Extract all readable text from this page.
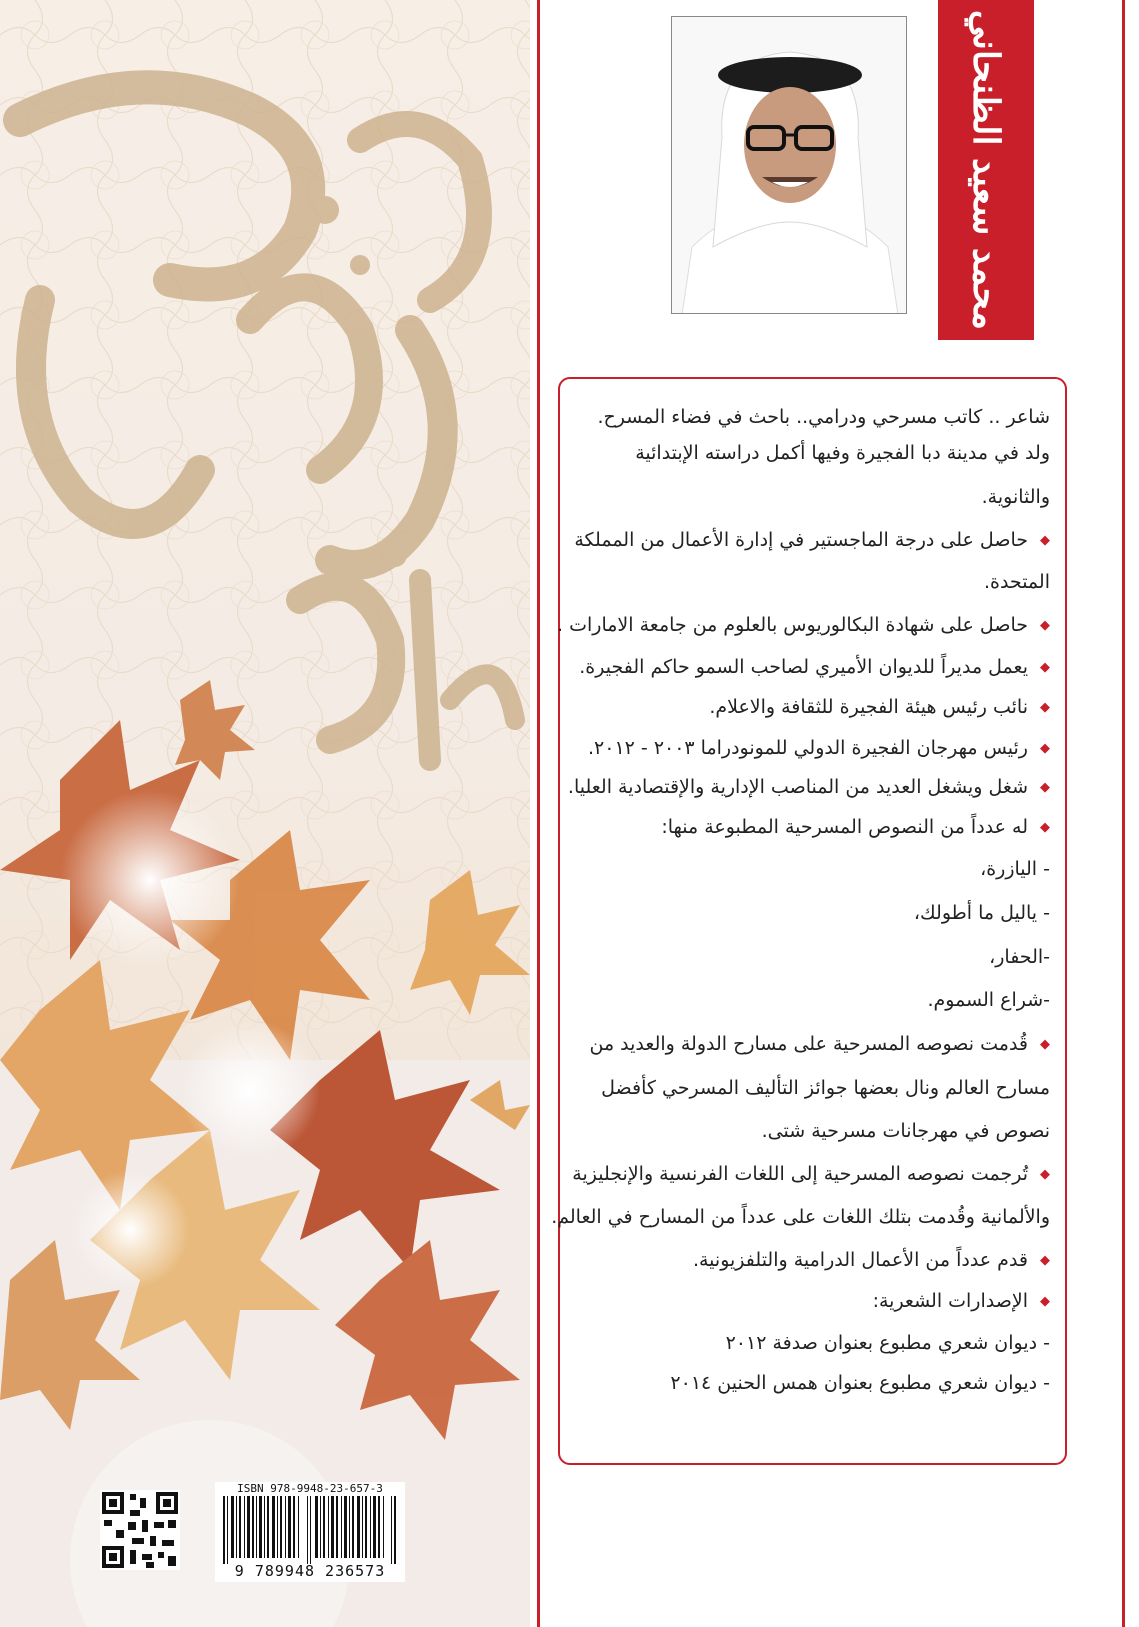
ISBN 978-9948-23-657-3
9 789948 236573
محمد سعيد الظنحاني
شاعر .. كاتب مسرحي ودرامي.. باحث في فضاء المسرح.
ولد في مدينة دبا الفجيرة وفيها أكمل دراسته الإبتدائية
والثانوية.
◆حاصل على درجة الماجستير في إدارة الأعمال من المملكة
المتحدة.
◆حاصل على شهادة البكالوريوس بالعلوم من جامعة الامارات .
◆يعمل مديراً للديوان الأميري لصاحب السمو حاكم الفجيرة.
◆نائب رئيس هيئة الفجيرة للثقافة والاعلام.
◆رئيس مهرجان الفجيرة الدولي للمونودراما ٢٠٠٣ - ٢٠١٢.
◆شغل ويشغل العديد من المناصب الإدارية والإقتصادية العليا.
◆له عدداً من النصوص المسرحية المطبوعة منها:
- اليازرة،
- ياليل ما أطولك،
-الحفار،
-شراع السموم.
◆قُدمت نصوصه المسرحية على مسارح الدولة والعديد من
مسارح العالم ونال بعضها جوائز التأليف المسرحي كأفضل
نصوص في مهرجانات مسرحية شتى.
◆تُرجمت نصوصه المسرحية إلى اللغات الفرنسية والإنجليزية
والألمانية وقُدمت بتلك اللغات على عدداً من المسارح في العالم.
◆قدم عدداً من الأعمال الدرامية والتلفزيونية.
◆الإصدارات الشعرية:
- ديوان شعري مطبوع بعنوان صدفة ٢٠١٢
- ديوان شعري مطبوع بعنوان همس الحنين ٢٠١٤
